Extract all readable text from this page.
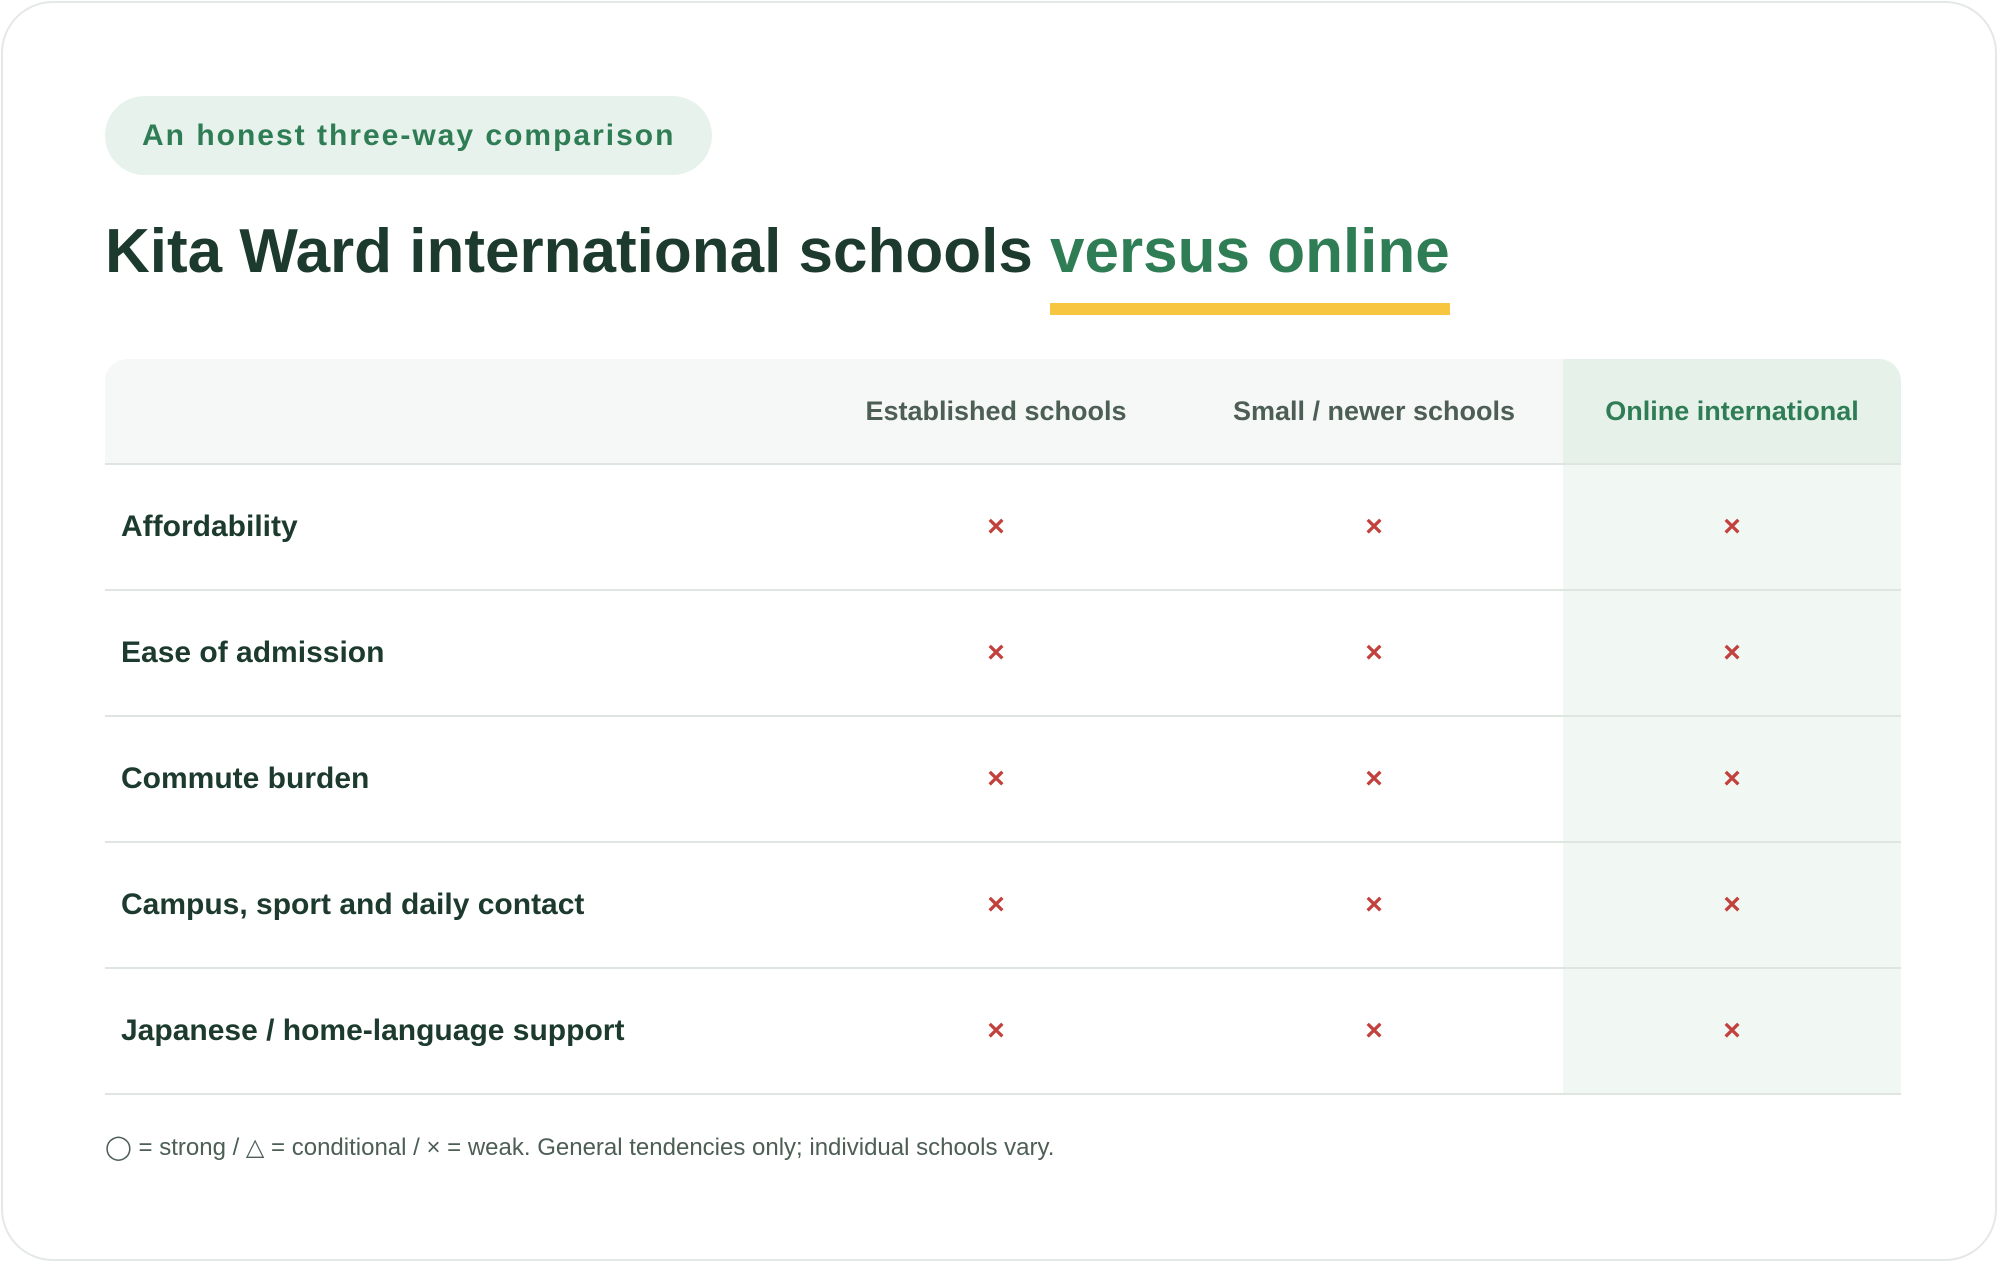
An honest three-way comparison
Kita Ward international schools versus online
	Established schools	Small / newer schools	Online international
Affordability	×	×	×
Ease of admission	×	×	×
Commute burden	×	×	×
Campus, sport and daily contact	×	×	×
Japanese / home-language support	×	×	×
◯ = strong / △ = conditional / × = weak. General tendencies only; individual schools vary.
